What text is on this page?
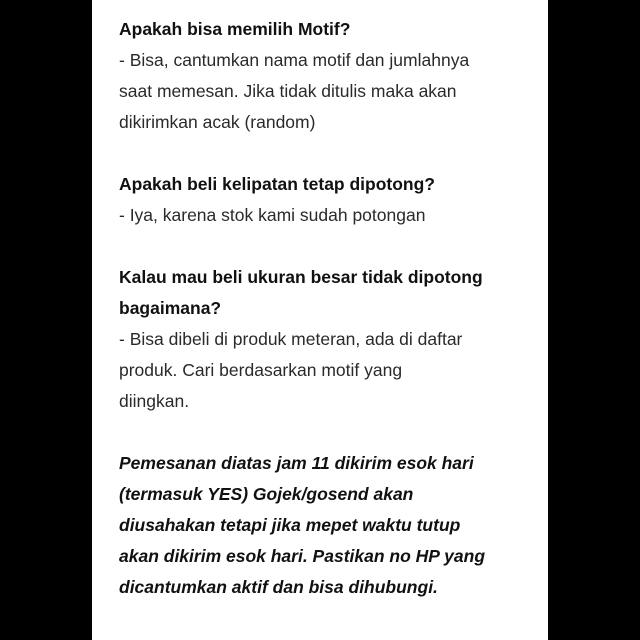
Apakah bisa memilih Motif?

- Bisa, cantumkan nama motif dan jumlahnya
saat memesan. Jika tidak ditulis maka akan
dikirimkan acak (random)

Apakah beli kelipatan tetap dipotong?

- Iya, karena stok kami sudah potongan

Kalau mau beli ukuran besar tidak dipotong
bagaimana?

- Bisa dibeli di produk meteran, ada di daftar
produk. Cari berdasarkan motif yang
diingkan.

Pemesanan diatas jam 11 dikirim esok hari
(termasuk YES) Gojek/gosend akan
diusahakan tetapi jika mepet waktu tutup
akan dikirim esok hari. Pastikan no HP yang
dicantumkan aktif dan bisa dihubungi.
